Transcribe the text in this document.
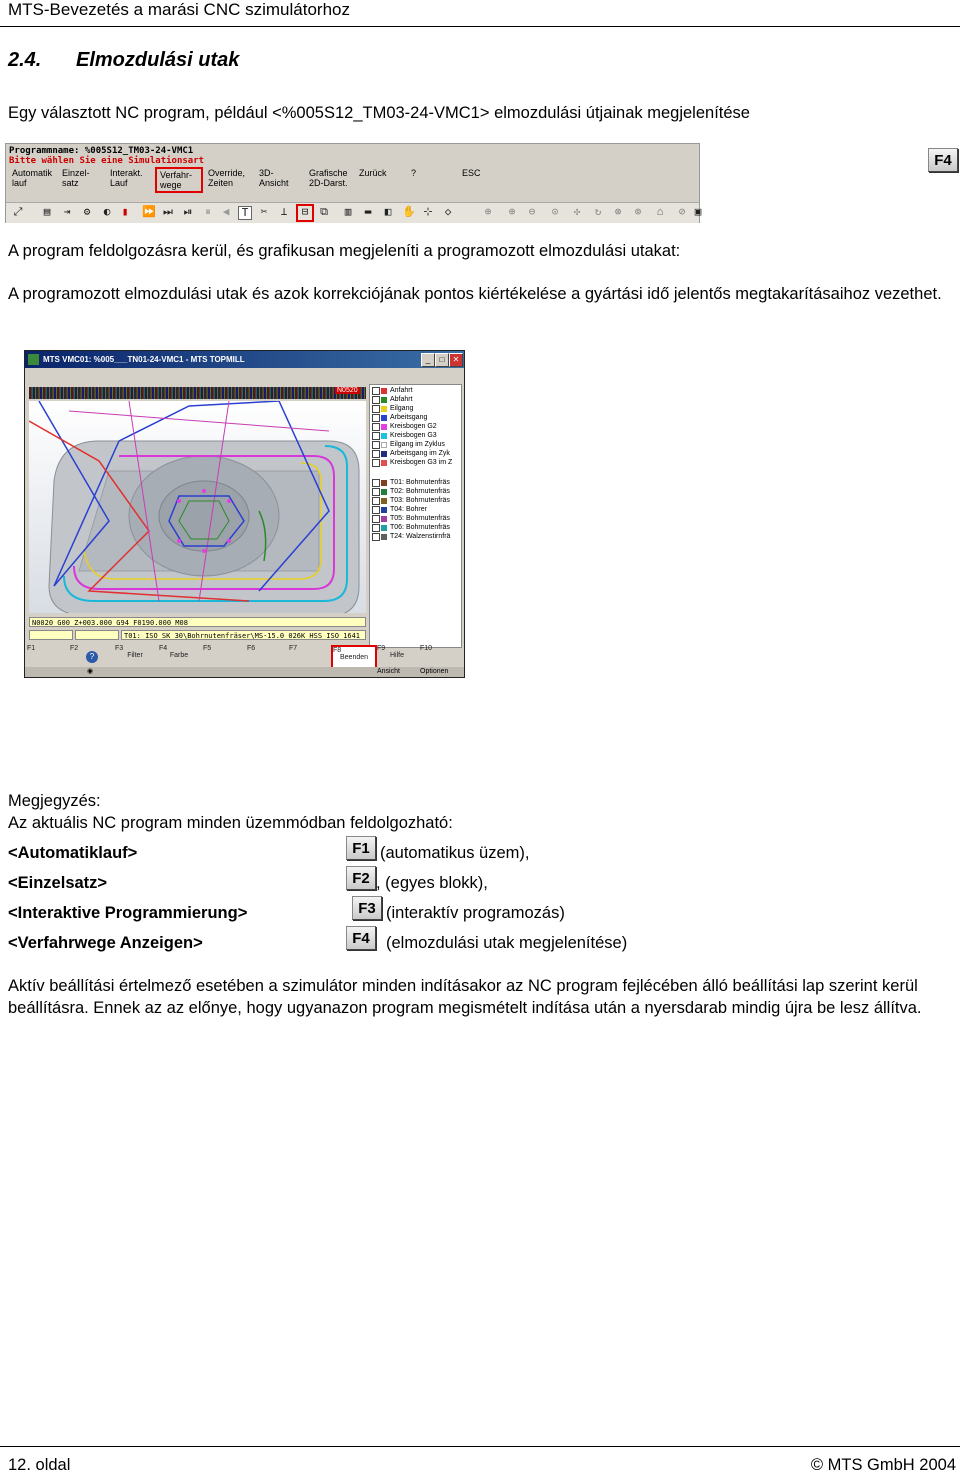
MTS-Bevezetés a marási CNC szimulátorhoz
2.4. Elmozdulási utak
Egy választott NC program, például <%005S12_TM03-24-VMC1> elmozdulási útjainak megjelenítése
Programmname: %005S12_TM03-24-VMC1
Bitte wählen Sie eine Simulationsart
Automatik
lauf
Einzel-
satz
Interakt.
Lauf
Verfahr-
wege
Override,
Zeiten
3D-
Ansicht
Grafische
2D-Darst.
Zurück	?	ESC
⤢ ▤ ⇥ ⚙ ◐ ▮ ⏩ ⏭ ⏯ ⏸ ◀	T	✂ ⊥	⊟	⧉ ▥ ▬ ◧ ✋ ⊹ ◇	⊕ ⊕ ⊖ ⊙ ✣ ↻ ⊛ ⊚ ⌂ ⊘ ▣
F4
A program feldolgozásra kerül, és grafikusan megjeleníti a programozott elmozdulási utakat:
A programozott elmozdulási utak és azok korrekciójának pontos kiértékelése a gyártási idő jelentős megtakarításaihoz vezethet.
MTS VMC01: %005___TN01-24-VMC1 - MTS TOPMILL	_	□	✕
N0520	Anfahrt
Abfahrt
Eilgang
Arbeitsgang
Kreisbogen G2
Kreisbogen G3
Eilgang im Zyklus
Arbeitsgang im Zyk
Kreisbogen G3 im Z
T01: Bohrnutenfräs
T02: Bohrnutenfräs
T03: Bohrnutenfräs
T04: Bohrer
T05: Bohrnutenfräs
T06: Bohrnutenfräs
T24: Walzenstirnfrä
N0020 G00 Z+003.000 G94 F0190.000 M08
T01: ISO SK 30\Bohrnutenfräser\MS-15.0 026K HSS ISO 1641
F1	F2
?
F3
Filter
F4
Farbe
F5	F6	F7	F8
Beenden
F9
Hilfe
F10
◉	Ansicht	Optionen
Megjegyzés:
Az aktuális NC program minden üzemmódban feldolgozható:
<Automatiklauf>	F1 (automatikus üzem),
<Einzelsatz>	F2 , (egyes blokk),
<Interaktive Programmierung>	F3 (interaktív programozás)
<Verfahrwege Anzeigen>	F4 (elmozdulási utak megjelenítése)
Aktív beállítási értelmező esetében a szimulátor minden indításakor az NC program fejlécében álló beállítási lap szerint kerül beállításra. Ennek az az előnye, hogy ugyanazon program megismételt indítása után a nyersdarab mindig újra be lesz állítva.
12. oldal	© MTS GmbH 2004
